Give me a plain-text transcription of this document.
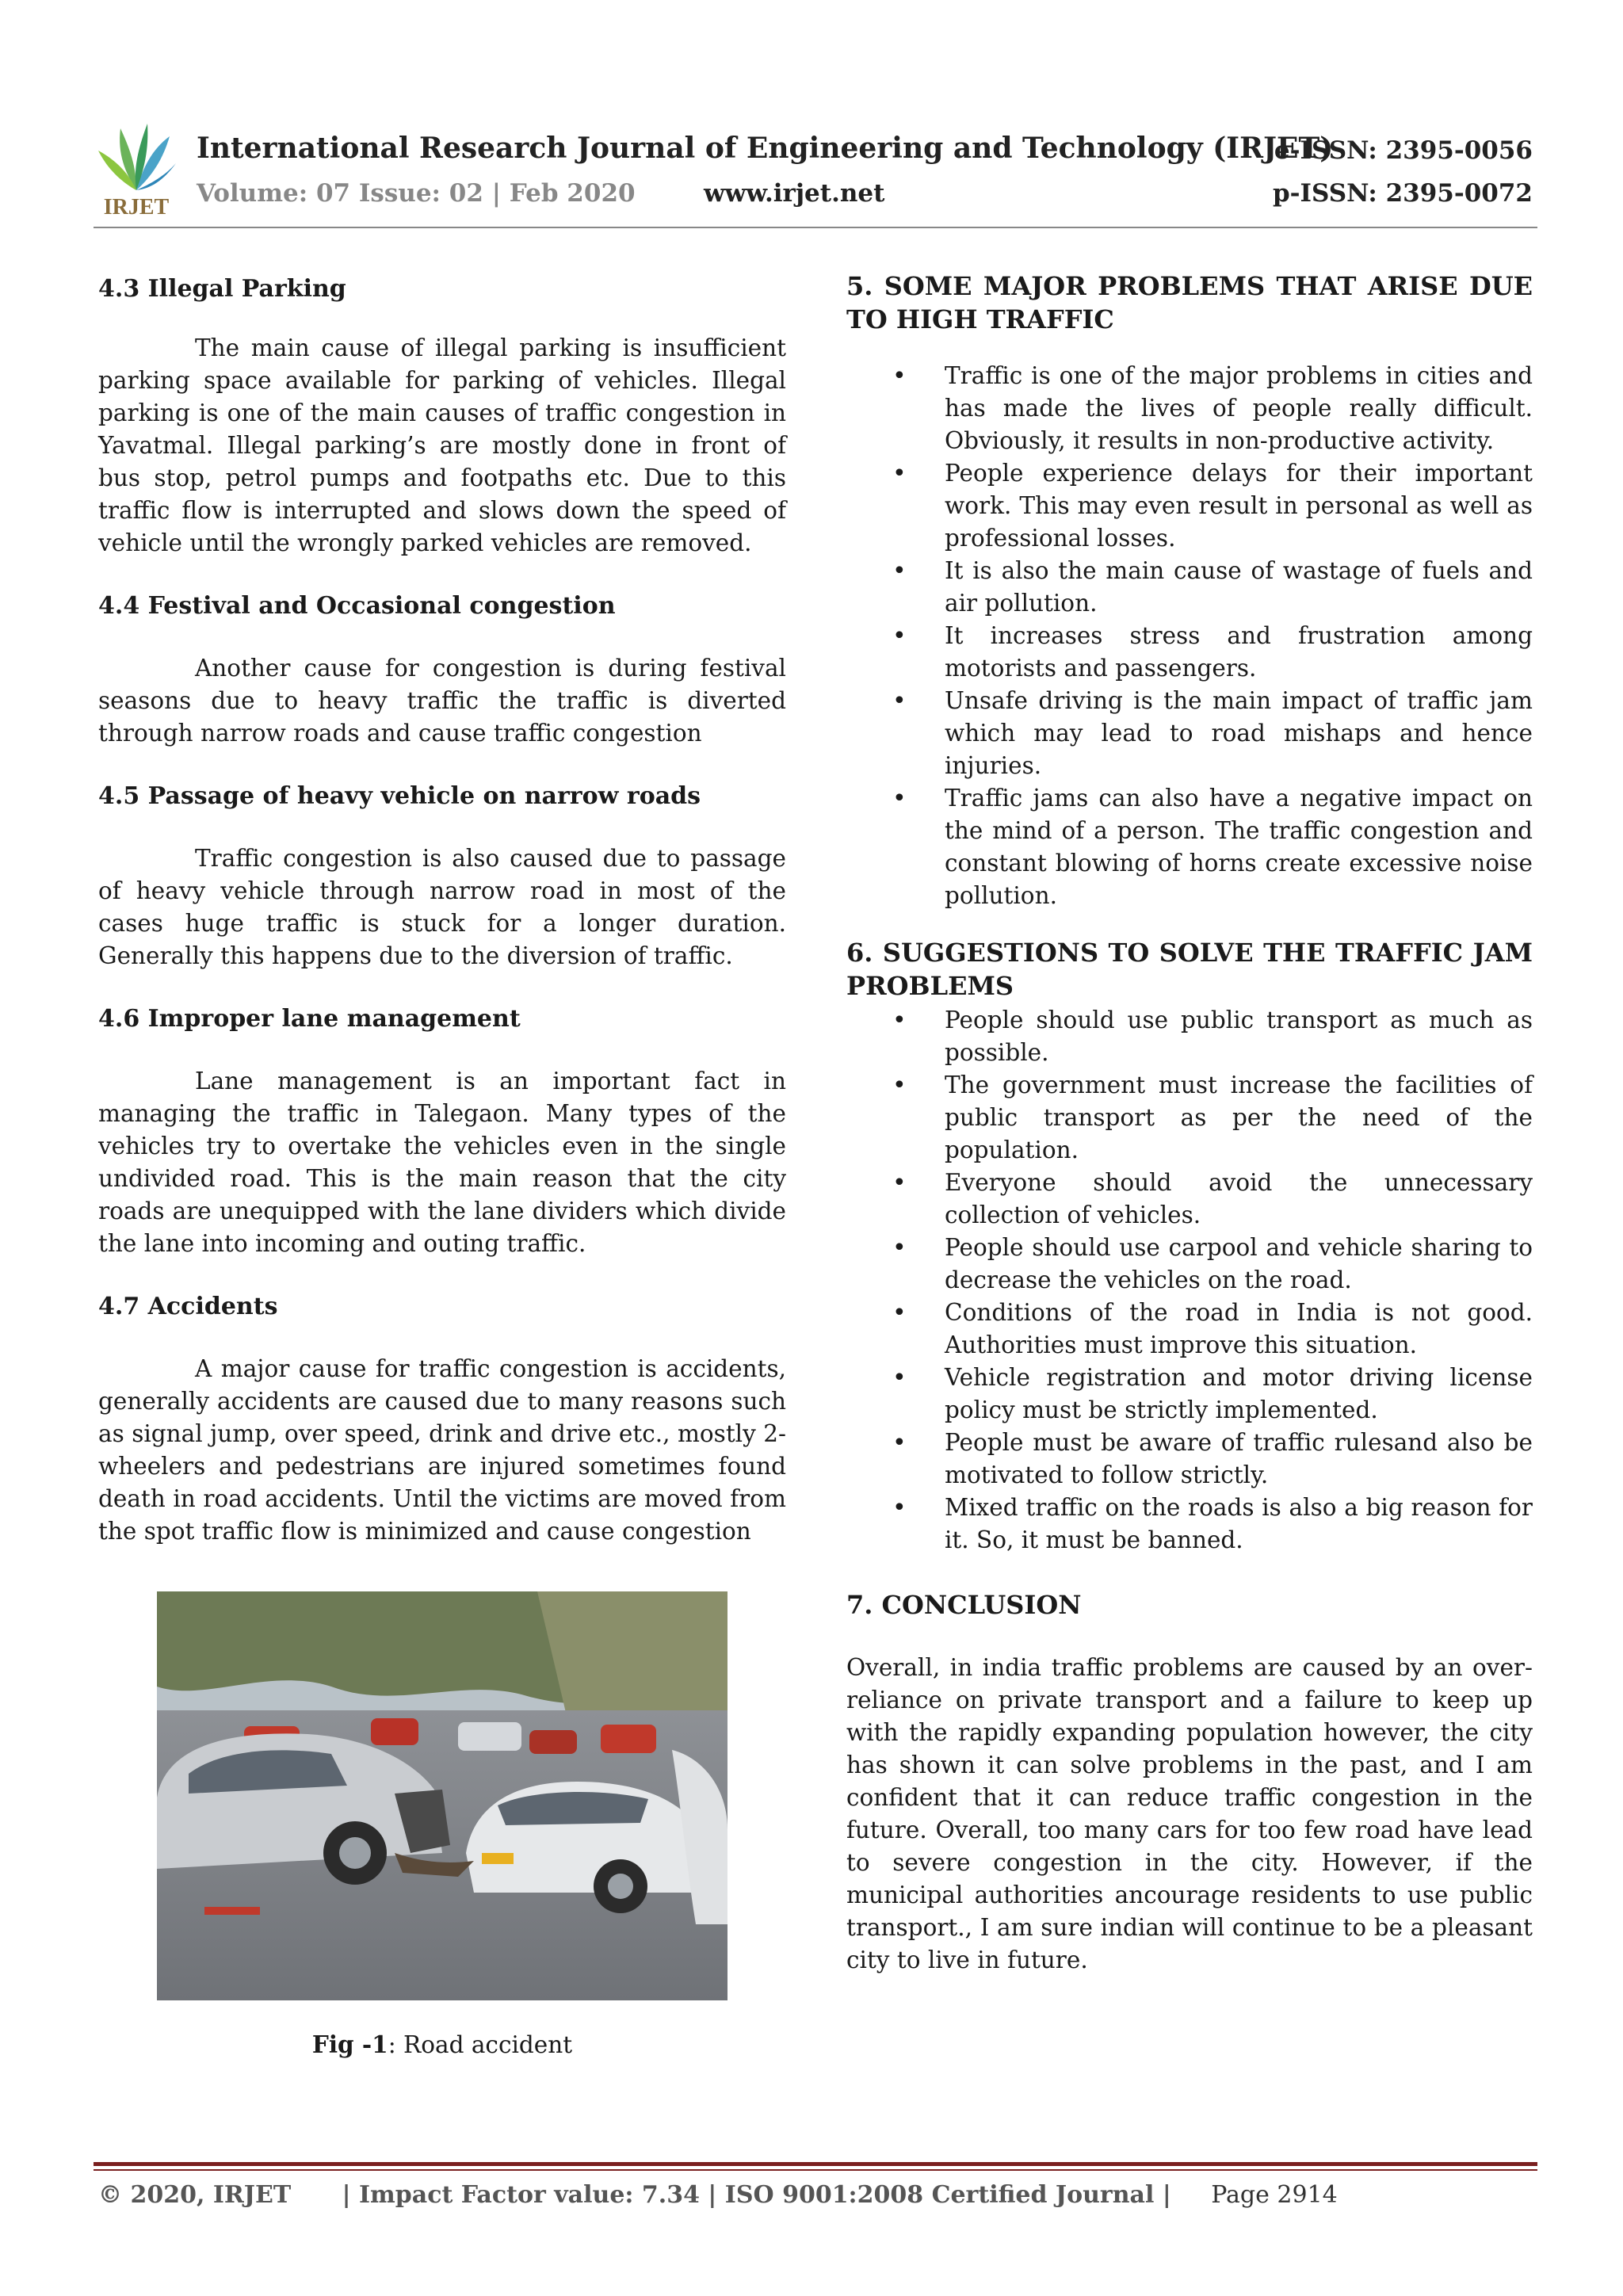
IRJET
International Research Journal of Engineering and Technology (IRJET)
e-ISSN: 2395-0056
Volume: 07 Issue: 02 | Feb 2020	www.irjet.net	p-ISSN: 2395-0072

4.3 Illegal Parking

The main cause of illegal parking is insufficient parking space available for parking of vehicles. Illegal parking is one of the main causes of traffic congestion in Yavatmal. Illegal parking’s are mostly done in front of bus stop, petrol pumps and footpaths etc. Due to this traffic flow is interrupted and slows down the speed of vehicle until the wrongly parked vehicles are removed.

4.4 Festival and Occasional congestion

Another cause for congestion is during festival seasons due to heavy traffic the traffic is diverted through narrow roads and cause traffic congestion

4.5 Passage of heavy vehicle on narrow roads

Traffic congestion is also caused due to passage of heavy vehicle through narrow road in most of the cases huge traffic is stuck for a longer duration. Generally this happens due to the diversion of traffic.

4.6 Improper lane management

Lane management is an important fact in managing the traffic in Talegaon. Many types of the vehicles try to overtake the vehicles even in the single undivided road. This is the main reason that the city roads are unequipped with the lane dividers which divide the lane into incoming and outing traffic.

4.7 Accidents

A major cause for traffic congestion is accidents, generally accidents are caused due to many reasons such as signal jump, over speed, drink and drive etc., mostly 2-wheelers and pedestrians are injured sometimes found death in road accidents. Until the victims are moved from the spot traffic flow is minimized and cause congestion

Fig -1: Road accident

5. SOME MAJOR PROBLEMS THAT ARISE DUE TO HIGH TRAFFIC

• Traffic is one of the major problems in cities and has made the lives of people really difficult. Obviously, it results in non-productive activity.
• People experience delays for their important work. This may even result in personal as well as professional losses.
• It is also the main cause of wastage of fuels and air pollution.
• It increases stress and frustration among motorists and passengers.
• Unsafe driving is the main impact of traffic jam which may lead to road mishaps and hence injuries.
• Traffic jams can also have a negative impact on the mind of a person. The traffic congestion and constant blowing of horns create excessive noise pollution.

6. SUGGESTIONS TO SOLVE THE TRAFFIC JAM PROBLEMS

• People should use public transport as much as possible.
• The government must increase the facilities of public transport as per the need of the population.
• Everyone should avoid the unnecessary collection of vehicles.
• People should use carpool and vehicle sharing to decrease the vehicles on the road.
• Conditions of the road in India is not good. Authorities must improve this situation.
• Vehicle registration and motor driving license policy must be strictly implemented.
• People must be aware of traffic rulesand also be motivated to follow strictly.
• Mixed traffic on the roads is also a big reason for it. So, it must be banned.

7. CONCLUSION

Overall, in india traffic problems are caused by an over-reliance on private transport and a failure to keep up with the rapidly expanding population however, the city has shown it can solve problems in the past, and I am confident that it can reduce traffic congestion in the future. Overall, too many cars for too few road have lead to severe congestion in the city. However, if the municipal authorities ancourage residents to use public transport., I am sure indian will continue to be a pleasant city to live in future.

© 2020, IRJET | Impact Factor value: 7.34 | ISO 9001:2008 Certified Journal | Page 2914
